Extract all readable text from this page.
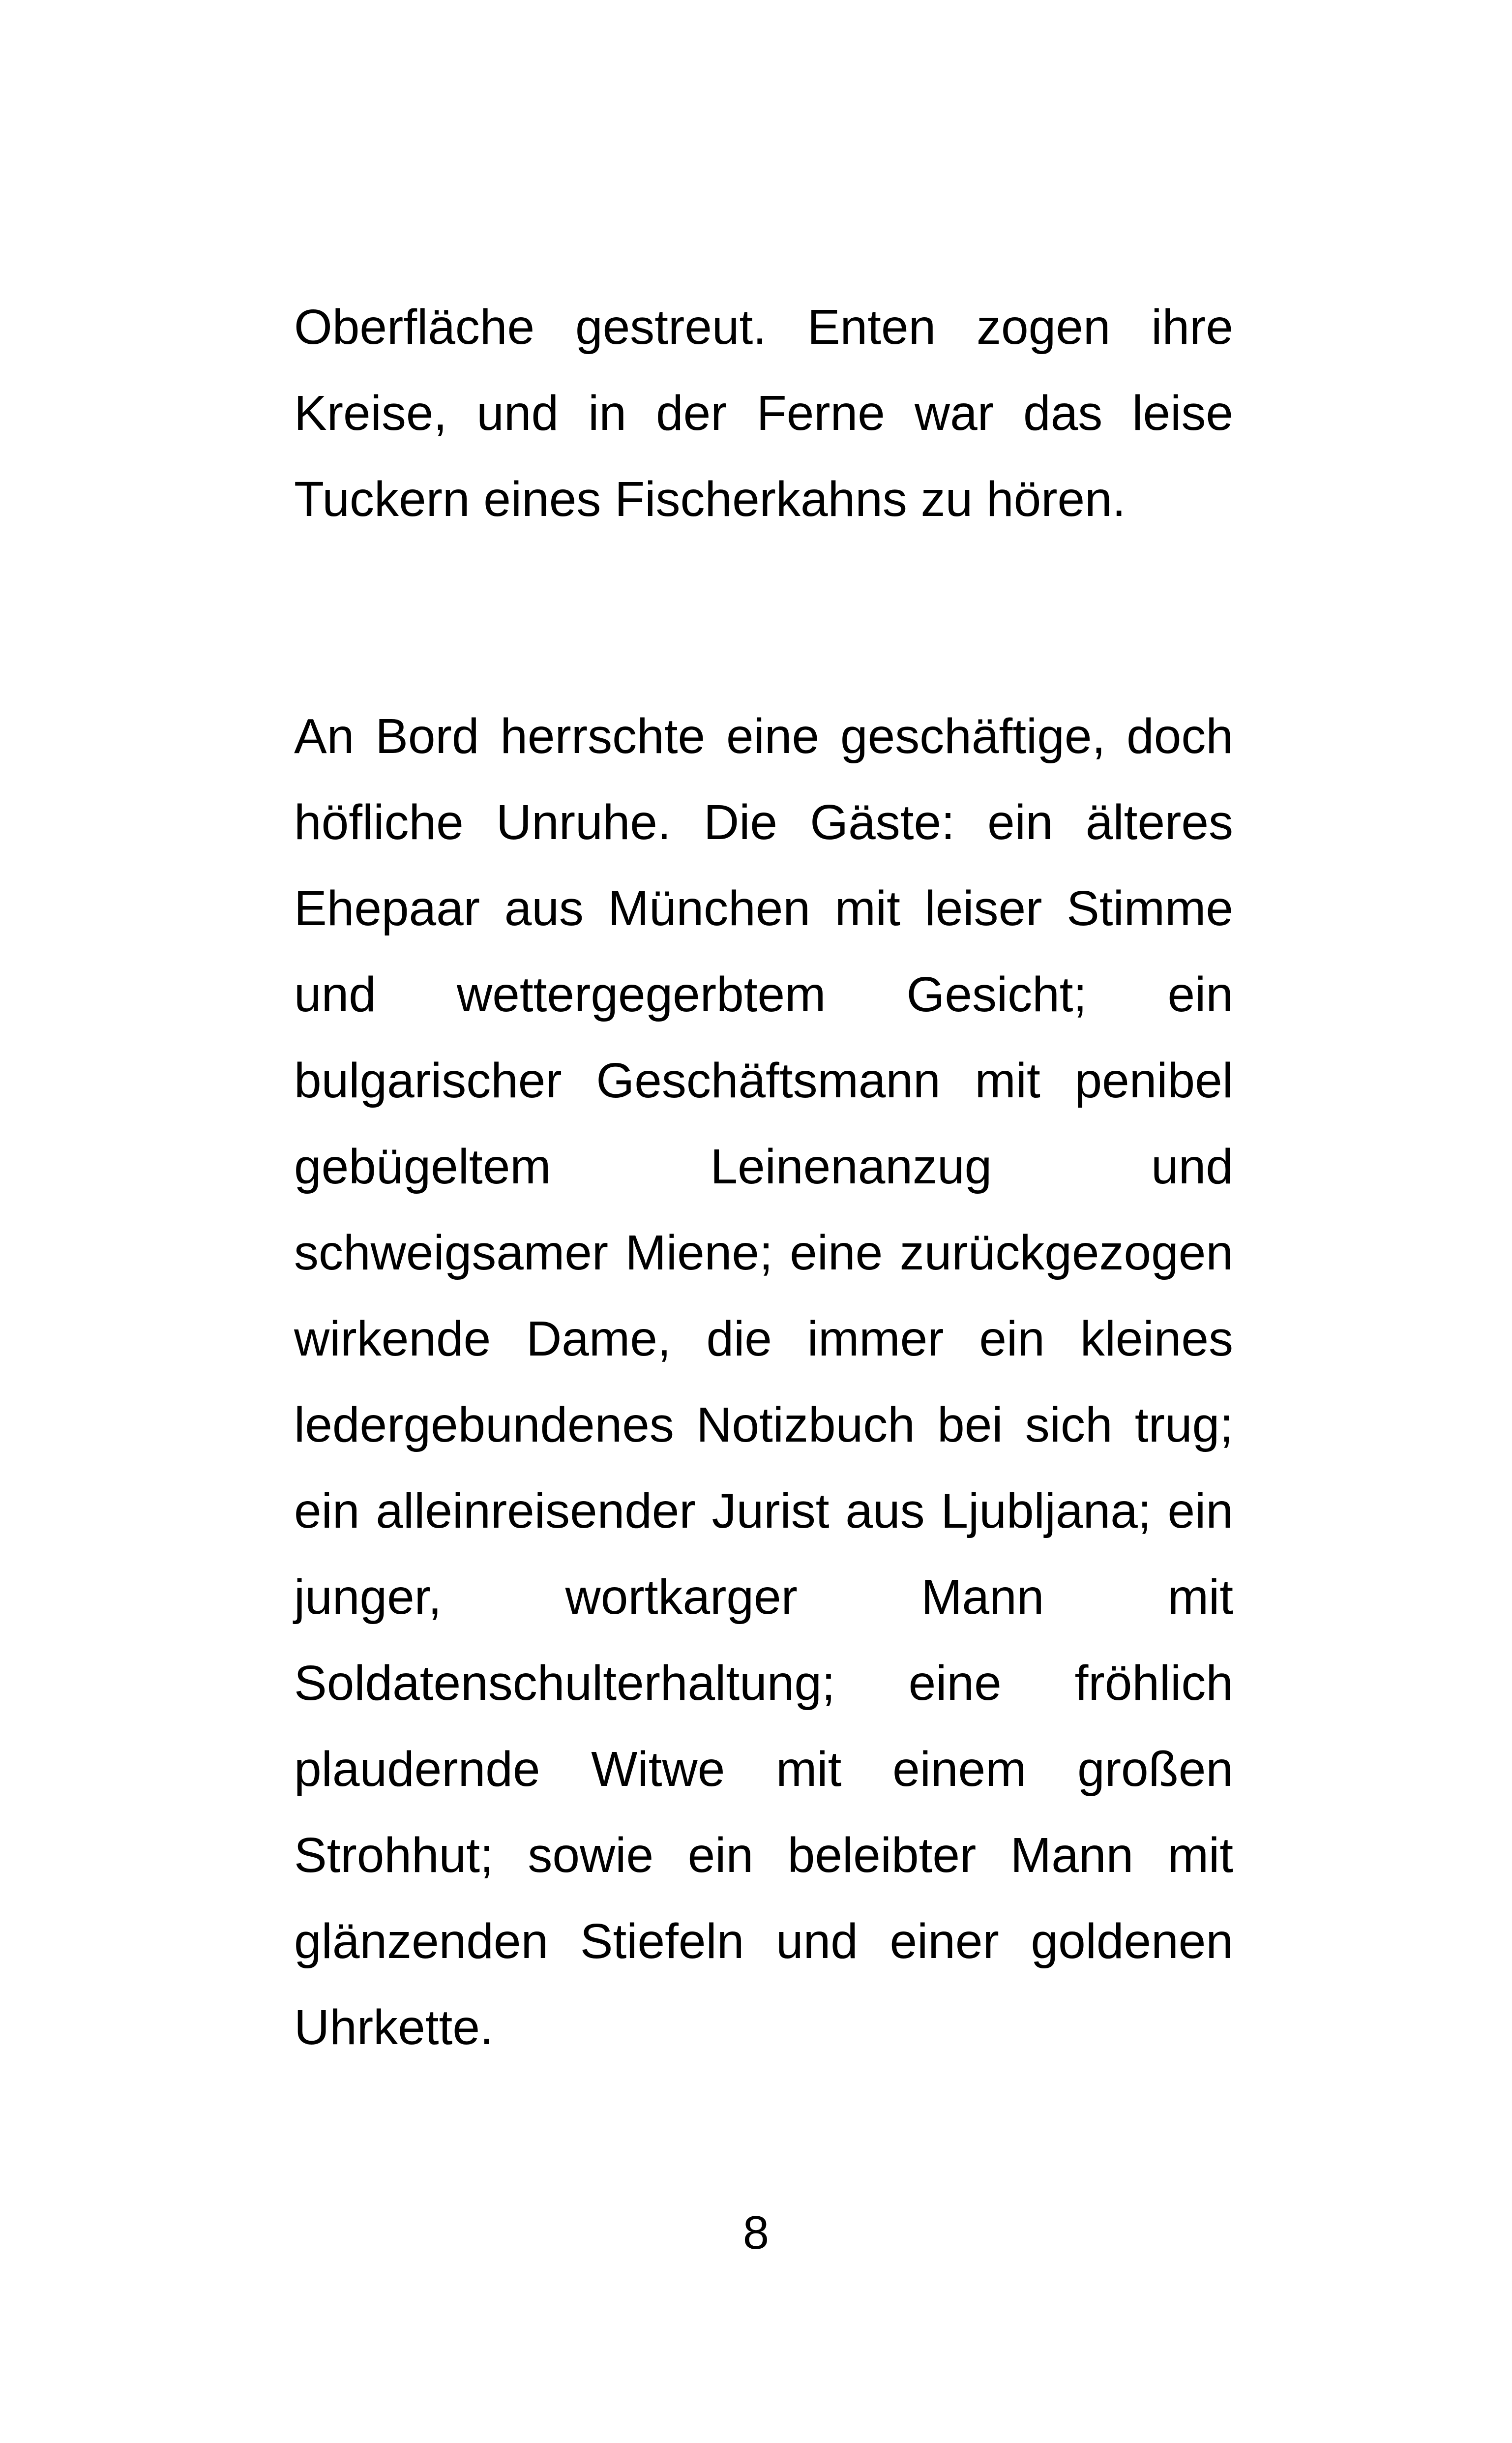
Oberfläche gestreut. Enten zogen ihre Kreise, und in der Ferne war das leise Tuckern eines Fischerkahns zu hören.

An Bord herrschte eine geschäftige, doch höfliche Unruhe. Die Gäste: ein älteres Ehepaar aus München mit leiser Stimme und wettergegerbtem Gesicht; ein bulgarischer Geschäftsmann mit penibel gebügeltem Leinenanzug und schweigsamer Miene; eine zurückgezogen wirkende Dame, die immer ein kleines ledergebundenes Notizbuch bei sich trug; ein alleinreisender Jurist aus Ljubljana; ein junger, wortkarger Mann mit Soldatenschulterhaltung; eine fröhlich plaudernde Witwe mit einem großen Strohhut; sowie ein beleibter Mann mit glänzenden Stiefeln und einer goldenen Uhrkette.

8
